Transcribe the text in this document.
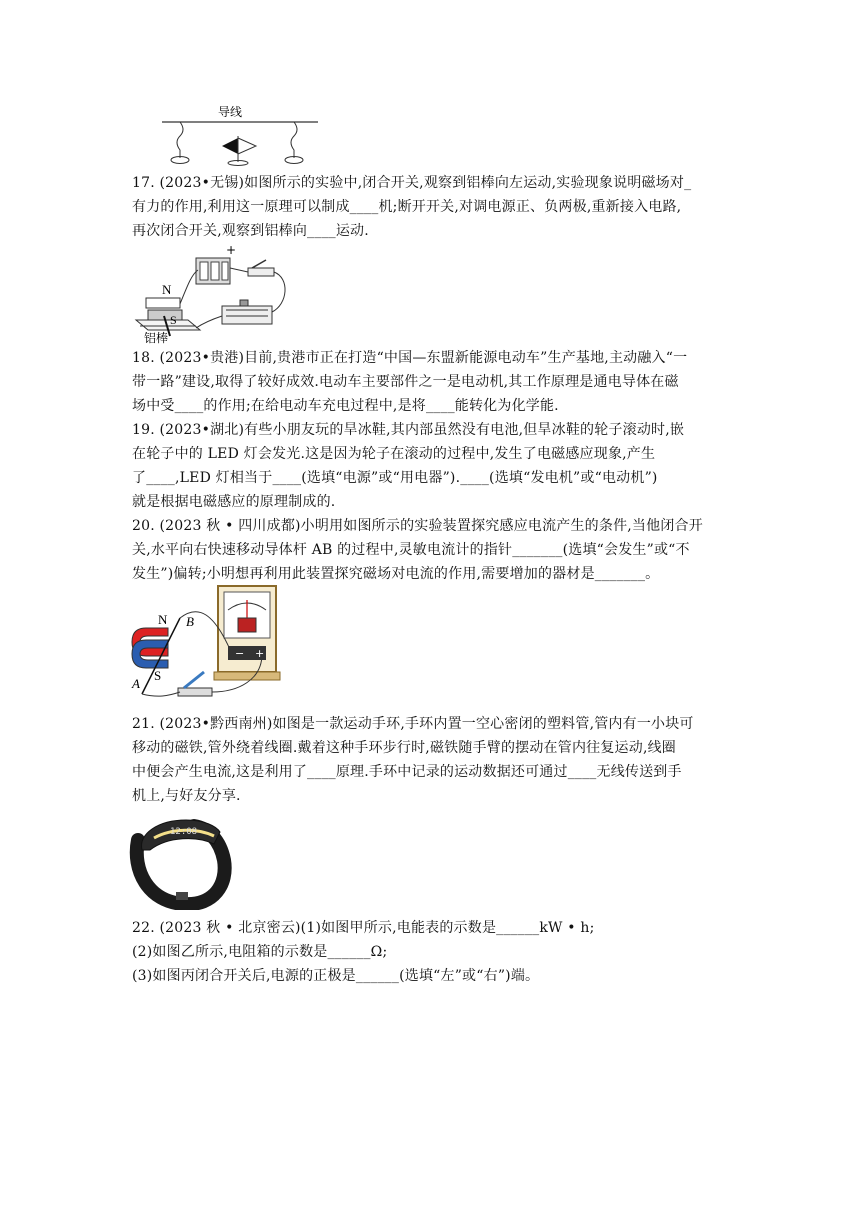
导线

17. (2023•无锡)如图所示的实验中,闭合开关,观察到铝棒向左运动,实验现象说明磁场对_

有力的作用,利用这一原理可以制成____机;断开开关,对调电源正、负两极,重新接入电路,

再次闭合开关,观察到铝棒向____运动.

+
N
S
铝棒

18. (2023•贵港)目前,贵港市正在打造“中国—东盟新能源电动车”生产基地,主动融入“一

带一路”建设,取得了较好成效.电动车主要部件之一是电动机,其工作原理是通电导体在磁

场中受____的作用;在给电动车充电过程中,是将____能转化为化学能.

19. (2023•湖北)有些小朋友玩的旱冰鞋,其内部虽然没有电池,但旱冰鞋的轮子滚动时,嵌

在轮子中的 LED 灯会发光.这是因为轮子在滚动的过程中,发生了电磁感应现象,产生

了____,LED 灯相当于____(选填“电源”或“用电器”).____(选填“发电机”或“电动机”)

就是根据电磁感应的原理制成的.

20. (2023 秋 • 四川成都)小明用如图所示的实验装置探究感应电流产生的条件,当他闭合开

关,水平向右快速移动导体杆 AB 的过程中,灵敏电流计的指针_______(选填“会发生”或“不

发生”)偏转;小明想再利用此装置探究磁场对电流的作用,需要增加的器材是_______。

− +
N
S
B
A

21. (2023•黔西南州)如图是一款运动手环,手环内置一空心密闭的塑料管,管内有一小块可

移动的磁铁,管外绕着线圈.戴着这种手环步行时,磁铁随手臂的摆动在管内往复运动,线圈

中便会产生电流,这是利用了____原理.手环中记录的运动数据还可通过____无线传送到手

机上,与好友分享.

12:08

22. (2023 秋 • 北京密云)(1)如图甲所示,电能表的示数是______kW • h;

(2)如图乙所示,电阻箱的示数是______Ω;

(3)如图丙闭合开关后,电源的正极是______(选填“左”或“右”)端。
